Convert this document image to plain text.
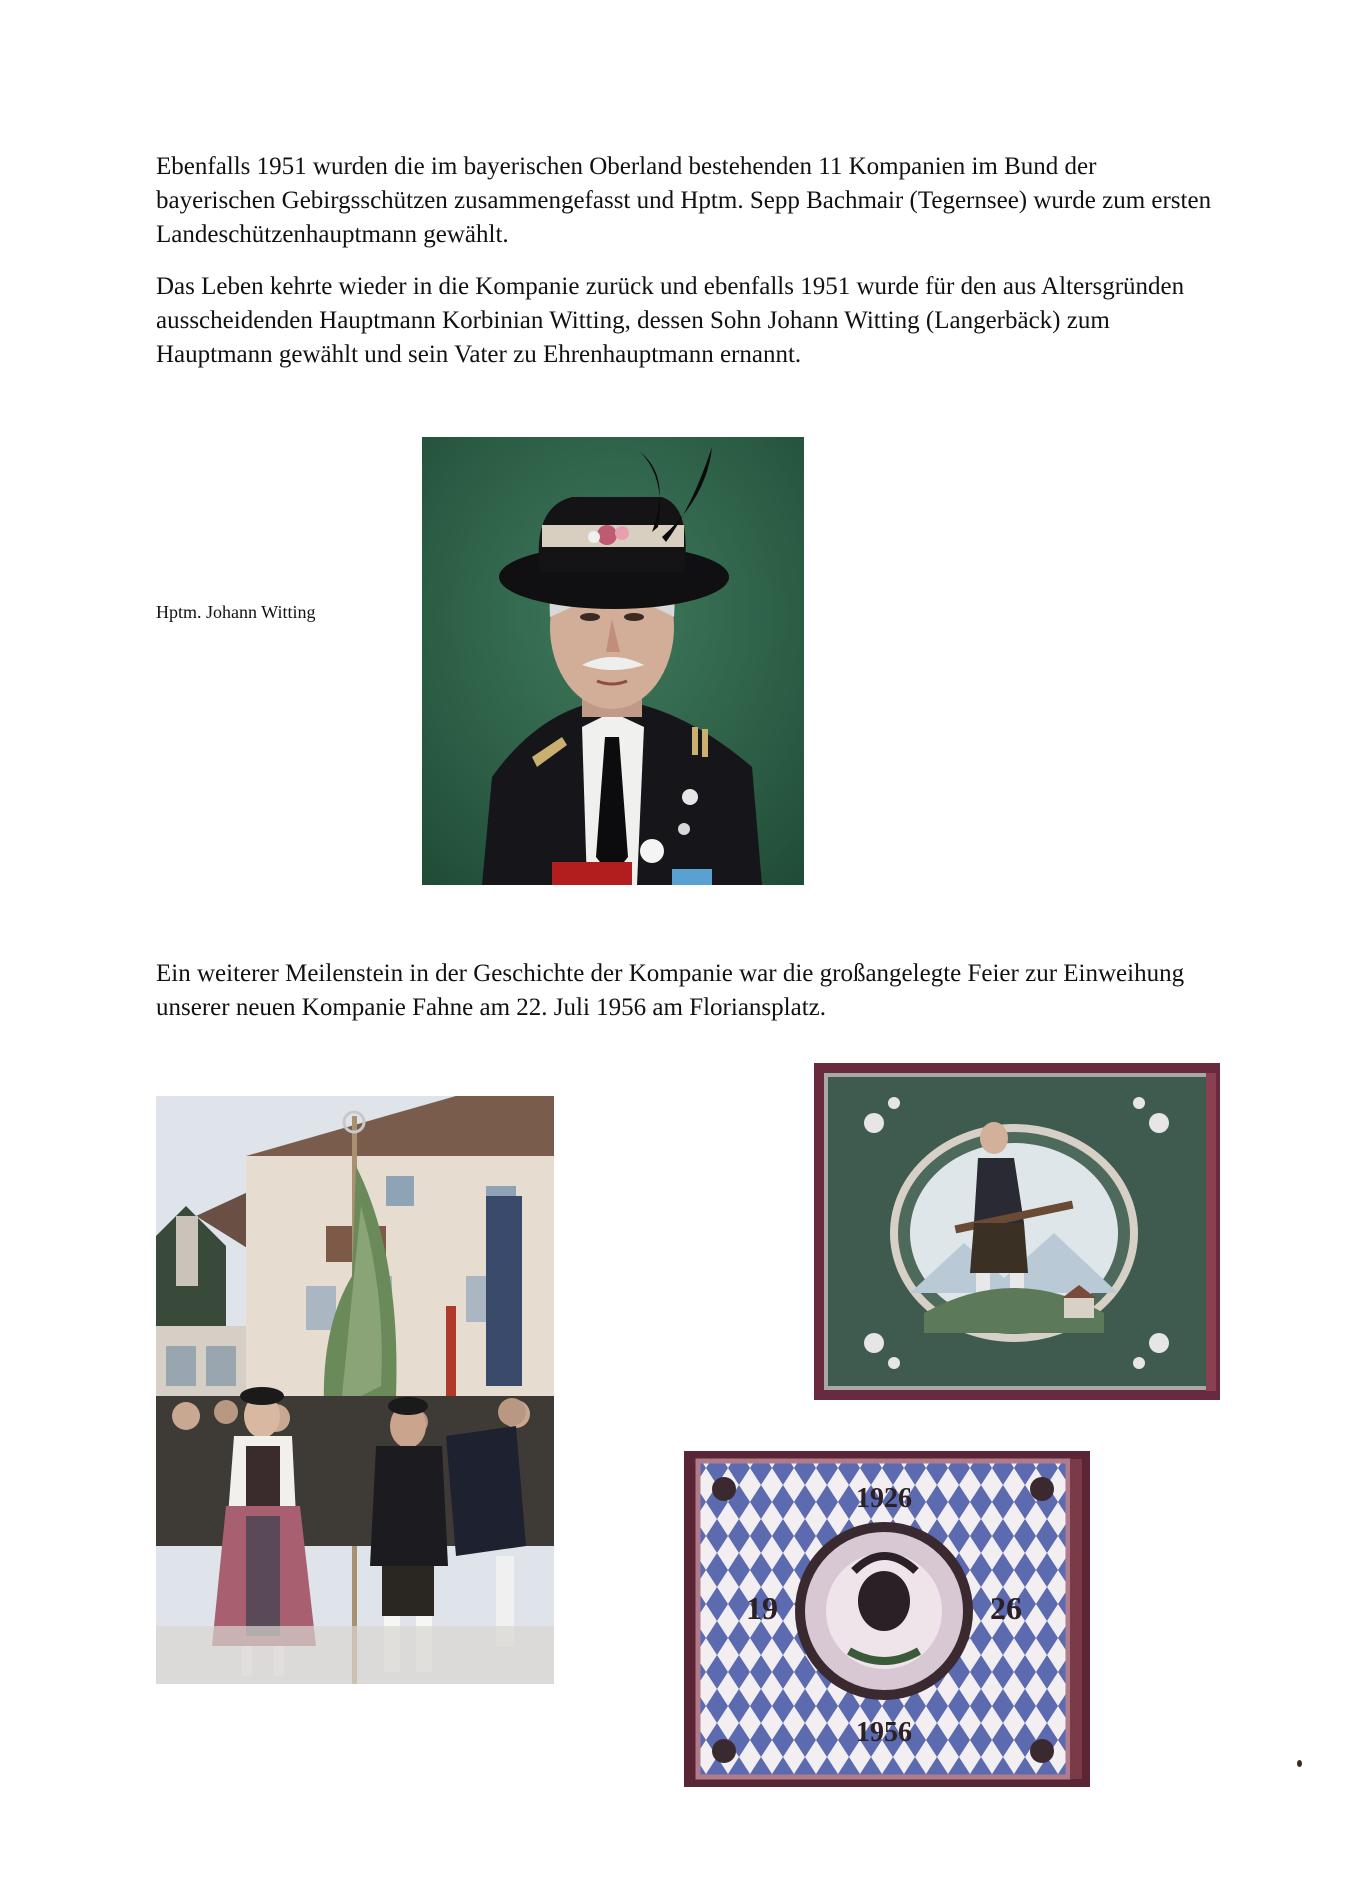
Ebenfalls 1951 wurden die im bayerischen Oberland bestehenden 11 Kompanien im Bund der bayerischen Gebirgsschützen zusammengefasst und Hptm. Sepp Bachmair (Tegernsee) wurde zum ersten Landeschützenhauptmann gewählt.

Das Leben kehrte wieder in die Kompanie zurück und ebenfalls 1951 wurde für den aus Altersgründen ausscheidenden Hauptmann Korbinian Witting, dessen Sohn Johann Witting (Langerbäck) zum Hauptmann gewählt und sein Vater zu Ehrenhauptmann ernannt.

Hptm. Johann Witting

Ein weiterer Meilenstein in der Geschichte der Kompanie war die großangelegte Feier zur Einweihung unserer neuen Kompanie Fahne am 22. Juli 1956 am Floriansplatz.

1926
19	26
1956
